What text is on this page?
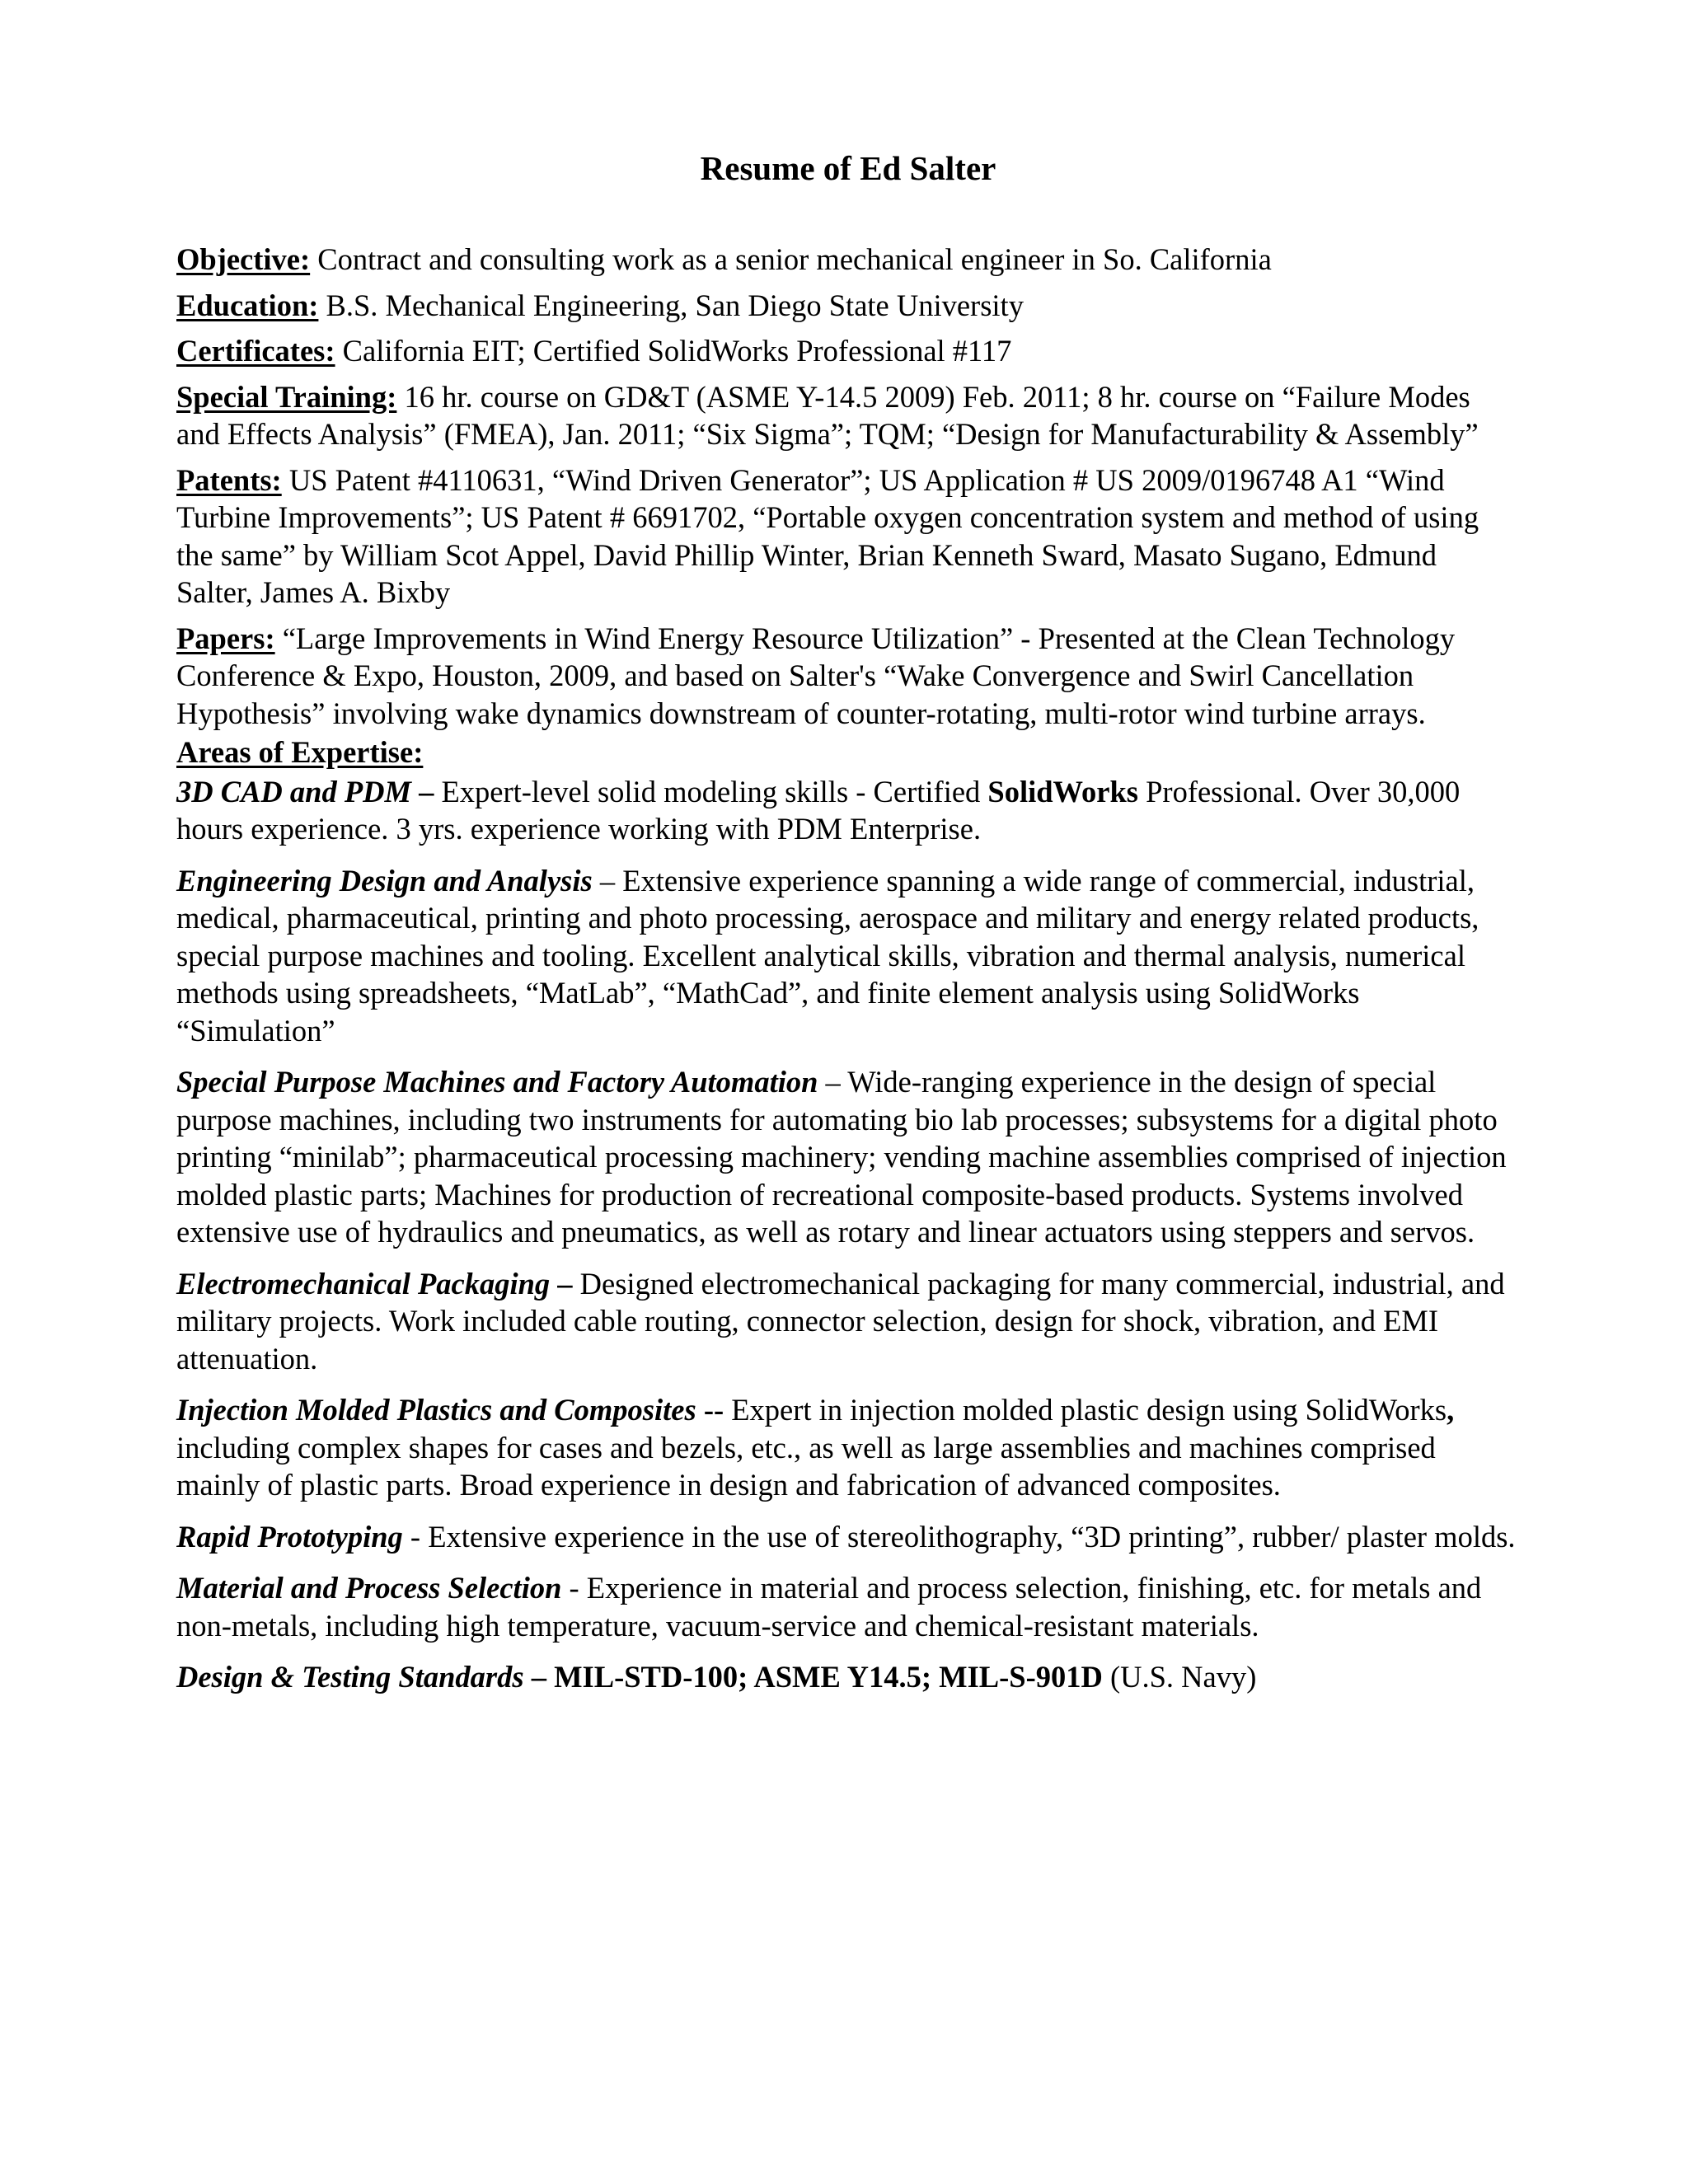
Resume of Ed Salter

Objective: Contract and consulting work as a senior mechanical engineer in So. California

Education: B.S. Mechanical Engineering, San Diego State University

Certificates: California EIT; Certified SolidWorks Professional #117

Special Training: 16 hr. course on GD&T (ASME Y-14.5 2009) Feb. 2011; 8 hr. course on “Failure Modes and Effects Analysis” (FMEA), Jan. 2011; “Six Sigma”; TQM; “Design for Manufacturability & Assembly”

Patents: US Patent #4110631, “Wind Driven Generator”; US Application # US 2009/0196748 A1 “Wind Turbine Improvements”; US Patent # 6691702, “Portable oxygen concentration system and method of using the same” by William Scot Appel, David Phillip Winter, Brian Kenneth Sward, Masato Sugano, Edmund Salter, James A. Bixby

Papers: “Large Improvements in Wind Energy Resource Utilization” - Presented at the Clean Technology Conference & Expo, Houston, 2009, and based on Salter's “Wake Convergence and Swirl Cancellation Hypothesis” involving wake dynamics downstream of counter-rotating, multi-rotor wind turbine arrays.

Areas of Expertise:

3D CAD and PDM – Expert-level solid modeling skills - Certified SolidWorks Professional. Over 30,000 hours experience. 3 yrs. experience working with PDM Enterprise.

Engineering Design and Analysis – Extensive experience spanning a wide range of commercial, industrial, medical, pharmaceutical, printing and photo processing, aerospace and military and energy related products, special purpose machines and tooling. Excellent analytical skills, vibration and thermal analysis, numerical methods using spreadsheets, “MatLab”, “MathCad”, and finite element analysis using SolidWorks “Simulation”

Special Purpose Machines and Factory Automation – Wide-ranging experience in the design of special purpose machines, including two instruments for automating bio lab processes; subsystems for a digital photo printing “minilab”; pharmaceutical processing machinery; vending machine assemblies comprised of injection molded plastic parts; Machines for production of recreational composite-based products. Systems involved extensive use of hydraulics and pneumatics, as well as rotary and linear actuators using steppers and servos.

Electromechanical Packaging – Designed electromechanical packaging for many commercial, industrial, and military projects. Work included cable routing, connector selection, design for shock, vibration, and EMI attenuation.

Injection Molded Plastics and Composites -- Expert in injection molded plastic design using SolidWorks, including complex shapes for cases and bezels, etc., as well as large assemblies and machines comprised mainly of plastic parts. Broad experience in design and fabrication of advanced composites.

Rapid Prototyping - Extensive experience in the use of stereolithography, “3D printing”, rubber/ plaster molds.

Material and Process Selection - Experience in material and process selection, finishing, etc. for metals and non-metals, including high temperature, vacuum-service and chemical-resistant materials.

Design & Testing Standards – MIL-STD-100; ASME Y14.5; MIL-S-901D (U.S. Navy)
